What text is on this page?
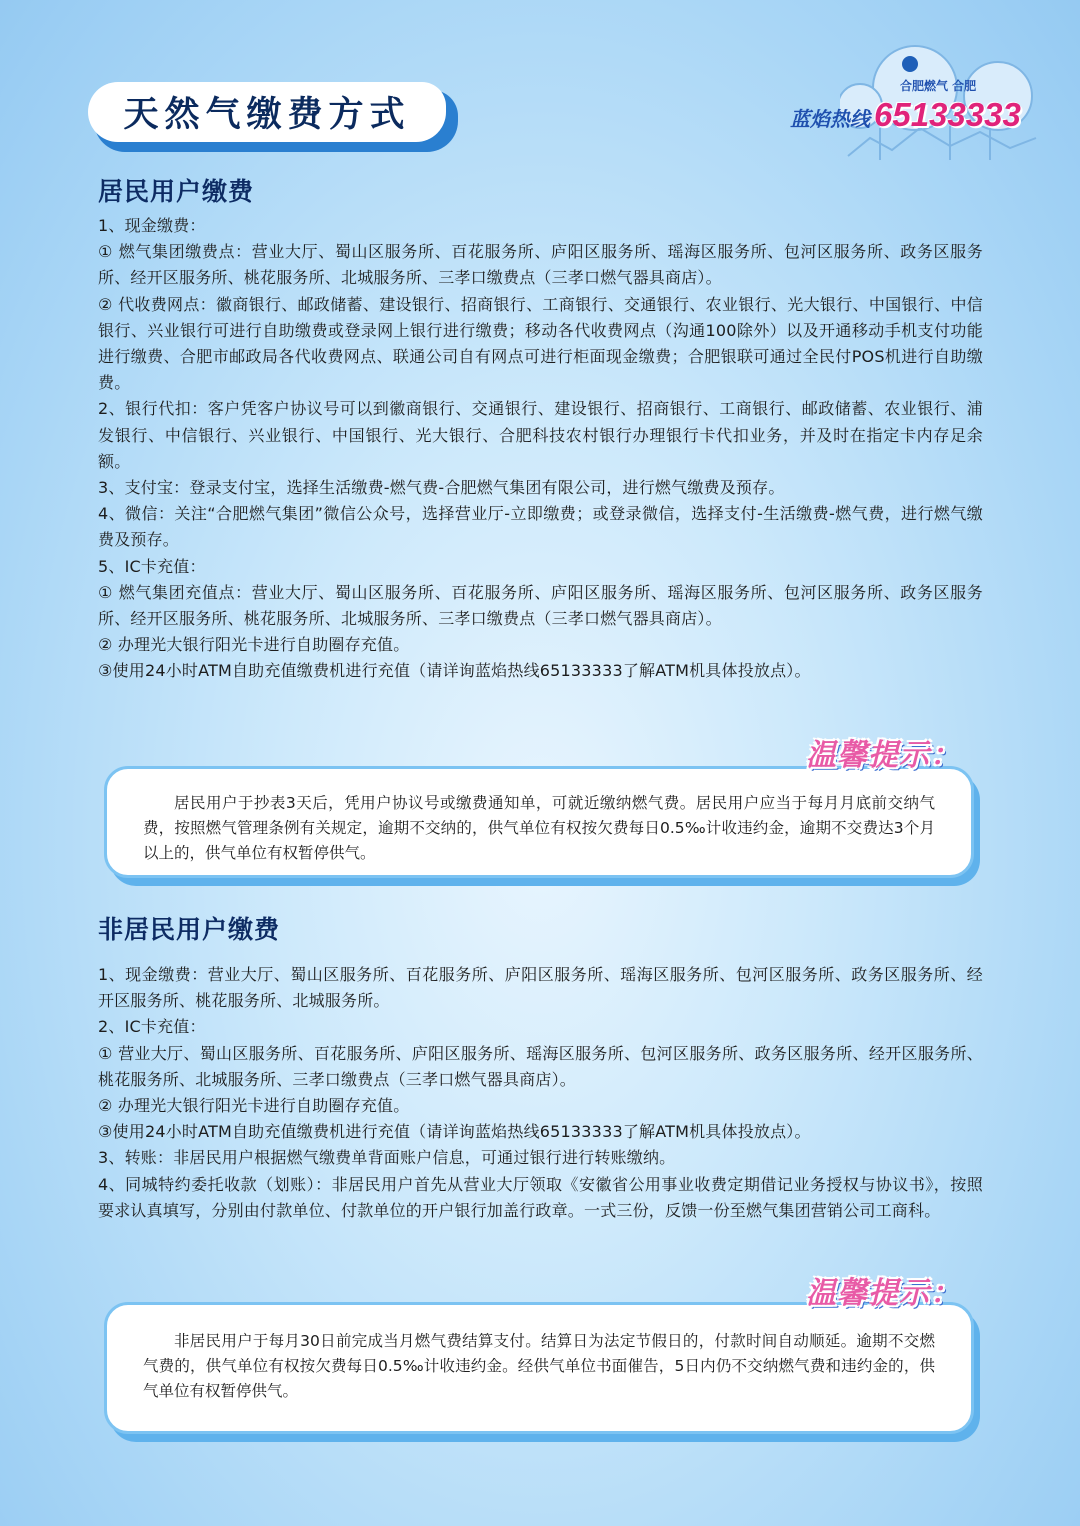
天然气缴费方式
合肥燃气 合肥
蓝焰热线 65133333
居民用户缴费

1、现金缴费：

① 燃气集团缴费点：营业大厅、蜀山区服务所、百花服务所、庐阳区服务所、瑶海区服务所、包河区服务所、政务区服务所、经开区服务所、桃花服务所、北城服务所、三孝口缴费点（三孝口燃气器具商店）。

② 代收费网点：徽商银行、邮政储蓄、建设银行、招商银行、工商银行、交通银行、农业银行、光大银行、中国银行、中信银行、兴业银行可进行自助缴费或登录网上银行进行缴费；移动各代收费网点（沟通100除外）以及开通移动手机支付功能进行缴费、合肥市邮政局各代收费网点、联通公司自有网点可进行柜面现金缴费；合肥银联可通过全民付POS机进行自助缴费。

2、银行代扣：客户凭客户协议号可以到徽商银行、交通银行、建设银行、招商银行、工商银行、邮政储蓄、农业银行、浦发银行、中信银行、兴业银行、中国银行、光大银行、合肥科技农村银行办理银行卡代扣业务，并及时在指定卡内存足余额。

3、支付宝：登录支付宝，选择生活缴费-燃气费-合肥燃气集团有限公司，进行燃气缴费及预存。

4、微信：关注“合肥燃气集团”微信公众号，选择营业厅-立即缴费；或登录微信，选择支付-生活缴费-燃气费，进行燃气缴费及预存。

5、IC卡充值：

① 燃气集团充值点：营业大厅、蜀山区服务所、百花服务所、庐阳区服务所、瑶海区服务所、包河区服务所、政务区服务所、经开区服务所、桃花服务所、北城服务所、三孝口缴费点（三孝口燃气器具商店）。

② 办理光大银行阳光卡进行自助圈存充值。

③使用24小时ATM自助充值缴费机进行充值（请详询蓝焰热线65133333了解ATM机具体投放点）。

居民用户于抄表3天后，凭用户协议号或缴费通知单，可就近缴纳燃气费。居民用户应当于每月月底前交纳气费，按照燃气管理条例有关规定，逾期不交纳的，供气单位有权按欠费每日0.5‰计收违约金，逾期不交费达3个月以上的，供气单位有权暂停供气。

温馨提示：
非居民用户缴费

1、现金缴费：营业大厅、蜀山区服务所、百花服务所、庐阳区服务所、瑶海区服务所、包河区服务所、政务区服务所、经开区服务所、桃花服务所、北城服务所。

2、IC卡充值：

① 营业大厅、蜀山区服务所、百花服务所、庐阳区服务所、瑶海区服务所、包河区服务所、政务区服务所、经开区服务所、桃花服务所、北城服务所、三孝口缴费点（三孝口燃气器具商店）。

② 办理光大银行阳光卡进行自助圈存充值。

③使用24小时ATM自助充值缴费机进行充值（请详询蓝焰热线65133333了解ATM机具体投放点）。

3、转账：非居民用户根据燃气缴费单背面账户信息，可通过银行进行转账缴纳。

4、同城特约委托收款（划账）：非居民用户首先从营业大厅领取《安徽省公用事业收费定期借记业务授权与协议书》，按照要求认真填写，分别由付款单位、付款单位的开户银行加盖行政章。一式三份，反馈一份至燃气集团营销公司工商科。

非居民用户于每月30日前完成当月燃气费结算支付。结算日为法定节假日的，付款时间自动顺延。逾期不交燃气费的，供气单位有权按欠费每日0.5‰计收违约金。经供气单位书面催告，5日内仍不交纳燃气费和违约金的，供气单位有权暂停供气。

温馨提示：
